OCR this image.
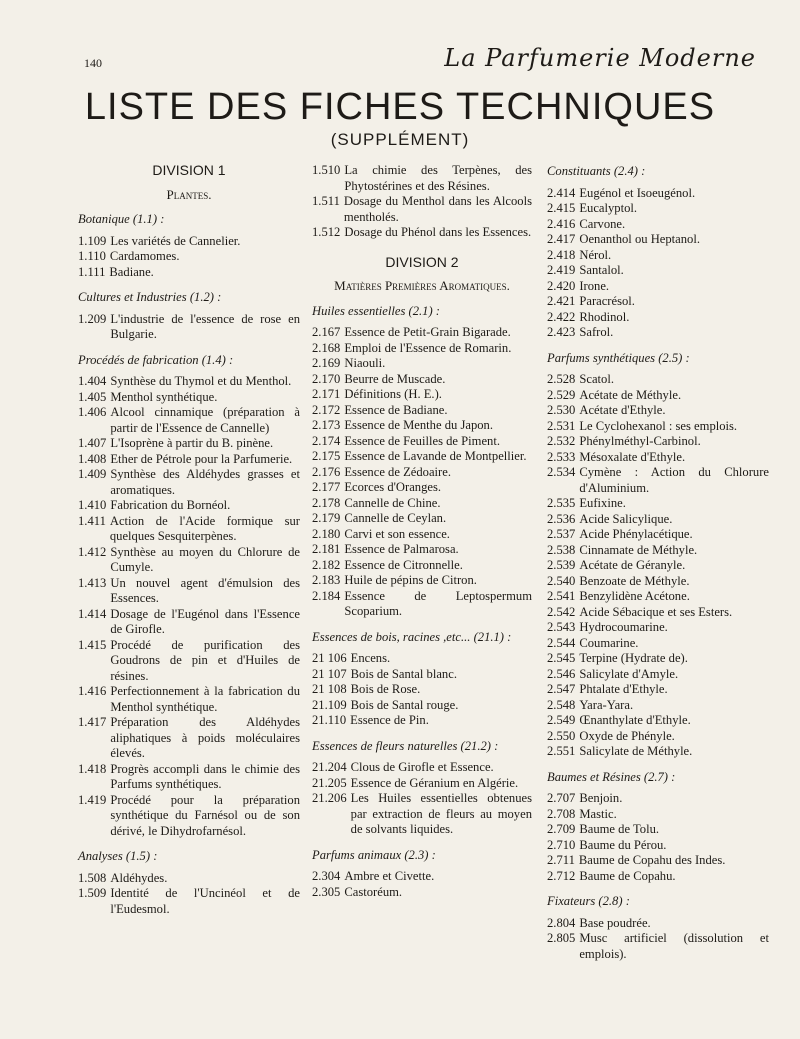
140	La Parfumerie Moderne
LISTE DES FICHES TECHNIQUES
(SUPPLÉMENT)
DIVISION 1
Plantes.
Botanique (1.1) :
1.109 Les variétés de Cannelier.
1.110 Cardamomes.
1.111 Badiane.
Cultures et Industries (1.2) :
1.209 L'industrie de l'essence de rose en Bulgarie.
Procédés de fabrication (1.4) :
1.404 Synthèse du Thymol et du Menthol.
1.405 Menthol synthétique.
1.406 Alcool cinnamique (préparation à partir de l'Essence de Cannelle)
1.407 L'Isoprène à partir du B. pinène.
1.408 Ether de Pétrole pour la Parfumerie.
1.409 Synthèse des Aldéhydes grasses et aromatiques.
1.410 Fabrication du Bornéol.
1.411 Action de l'Acide formique sur quelques Sesquiterpènes.
1.412 Synthèse au moyen du Chlorure de Cumyle.
1.413 Un nouvel agent d'émulsion des Essences.
1.414 Dosage de l'Eugénol dans l'Essence de Girofle.
1.415 Procédé de purification des Goudrons de pin et d'Huiles de résines.
1.416 Perfectionnement à la fabrication du Menthol synthétique.
1.417 Préparation des Aldéhydes aliphatiques à poids moléculaires élevés.
1.418 Progrès accompli dans le chimie des Parfums synthétiques.
1.419 Procédé pour la préparation synthétique du Farnésol ou de son dérivé, le Dihydrofarnésol.
Analyses (1.5) :
1.508 Aldéhydes.
1.509 Identité de l'Uncinéol et de l'Eudesmol.
1.510 La chimie des Terpènes, des Phytostérines et des Résines.
1.511 Dosage du Menthol dans les Alcools mentholés.
1.512 Dosage du Phénol dans les Essences.
DIVISION 2
Matières Premières Aromatiques.
Huiles essentielles (2.1) :
2.167 Essence de Petit-Grain Bigarade.
2.168 Emploi de l'Essence de Romarin.
2.169 Niaouli.
2.170 Beurre de Muscade.
2.171 Définitions (H. E.).
2.172 Essence de Badiane.
2.173 Essence de Menthe du Japon.
2.174 Essence de Feuilles de Piment.
2.175 Essence de Lavande de Montpellier.
2.176 Essence de Zédoaire.
2.177 Ecorces d'Oranges.
2.178 Cannelle de Chine.
2.179 Cannelle de Ceylan.
2.180 Carvi et son essence.
2.181 Essence de Palmarosa.
2.182 Essence de Citronnelle.
2.183 Huile de pépins de Citron.
2.184 Essence de Leptospermum Scoparium.
Essences de bois, racines ,etc... (21.1) :
21 106 Encens.
21 107 Bois de Santal blanc.
21 108 Bois de Rose.
21.109 Bois de Santal rouge.
21.110 Essence de Pin.
Essences de fleurs naturelles (21.2) :
21.204 Clous de Girofle et Essence.
21.205 Essence de Géranium en Algérie.
21.206 Les Huiles essentielles obtenues par extraction de fleurs au moyen de solvants liquides.
Parfums animaux (2.3) :
2.304 Ambre et Civette.
2.305 Castoréum.
Constituants (2.4) :
2.414 Eugénol et Isoeugénol.
2.415 Eucalyptol.
2.416 Carvone.
2.417 Oenanthol ou Heptanol.
2.418 Nérol.
2.419 Santalol.
2.420 Irone.
2.421 Paracrésol.
2.422 Rhodinol.
2.423 Safrol.
Parfums synthétiques (2.5) :
2.528 Scatol.
2.529 Acétate de Méthyle.
2.530 Acétate d'Ethyle.
2.531 Le Cyclohexanol : ses emplois.
2.532 Phénylméthyl-Carbinol.
2.533 Mésoxalate d'Ethyle.
2.534 Cymène : Action du Chlorure d'Aluminium.
2.535 Eufixine.
2.536 Acide Salicylique.
2.537 Acide Phénylacétique.
2.538 Cinnamate de Méthyle.
2.539 Acétate de Géranyle.
2.540 Benzoate de Méthyle.
2.541 Benzylidène Acétone.
2.542 Acide Sébacique et ses Esters.
2.543 Hydrocoumarine.
2.544 Coumarine.
2.545 Terpine (Hydrate de).
2.546 Salicylate d'Amyle.
2.547 Phtalate d'Ethyle.
2.548 Yara-Yara.
2.549 Œnanthylate d'Ethyle.
2.550 Oxyde de Phényle.
2.551 Salicylate de Méthyle.
Baumes et Résines (2.7) :
2.707 Benjoin.
2.708 Mastic.
2.709 Baume de Tolu.
2.710 Baume du Pérou.
2.711 Baume de Copahu des Indes.
2.712 Baume de Copahu.
Fixateurs (2.8) :
2.804 Base poudrée.
2.805 Musc artificiel (dissolution et emplois).
